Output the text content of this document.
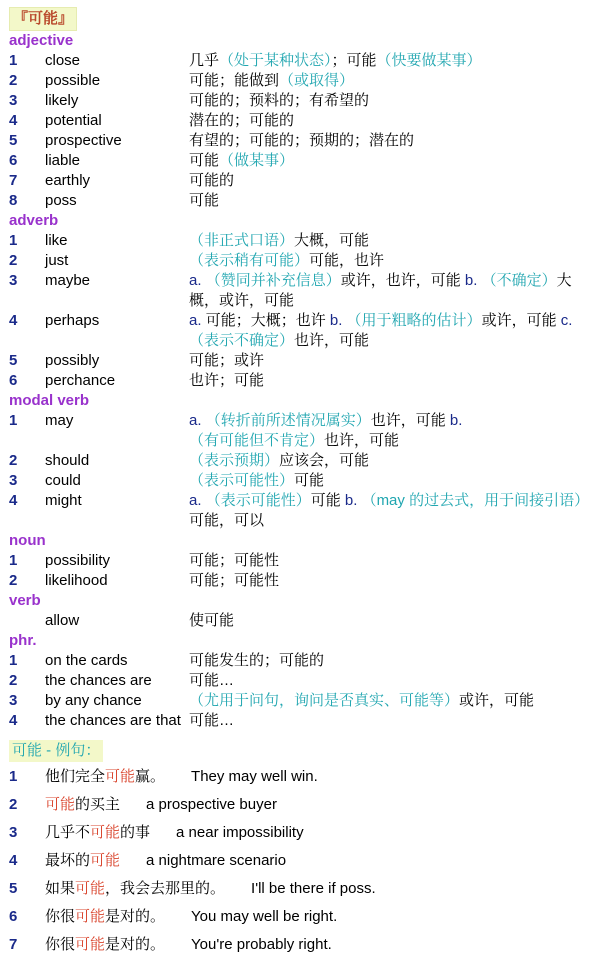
『可能』
adjective
1	close	几乎（处于某种状态）；可能（快要做某事）
2	possible	可能；能做到（或取得）
3	likely	可能的；预料的；有希望的
4	potential	潜在的；可能的
5	prospective	有望的；可能的；预期的；潜在的
6	liable	可能（做某事）
7	earthly	可能的
8	poss	可能
adverb
1	like	（非正式口语）大概，可能
2	just	（表示稍有可能）可能，也许
3	maybe	a. （赞同并补充信息）或许，也许，可能 b. （不确定）大概，或许，可能
4	perhaps	a. 可能；大概；也许 b. （用于粗略的估计）或许，可能 c. （表示不确定）也许，可能
5	possibly	可能；或许
6	perchance	也许；可能
modal verb
1	may	a. （转折前所述情况属实）也许，可能 b. （有可能但不肯定）也许，可能
2	should	（表示预期）应该会，可能
3	could	（表示可能性）可能
4	might	a. （表示可能性）可能 b. （may 的过去式，用于间接引语）可能，可以
noun
1	possibility	可能；可能性
2	likelihood	可能；可能性
verb
allow	使可能
phr.
1	on the cards	可能发生的；可能的
2	the chances are	可能…
3	by any chance	（尤用于问句，询问是否真实、可能等）或许，可能
4	the chances are that 可能…
可能 - 例句：
1	他们完全可能赢。 They may well win.
2	可能的买主 a prospective buyer
3	几乎不可能的事 a near impossibility
4	最坏的可能 a nightmare scenario
5	如果可能，我会去那里的。 I'll be there if poss.
6	你很可能是对的。 You may well be right.
7	你很可能是对的。 You're probably right.
